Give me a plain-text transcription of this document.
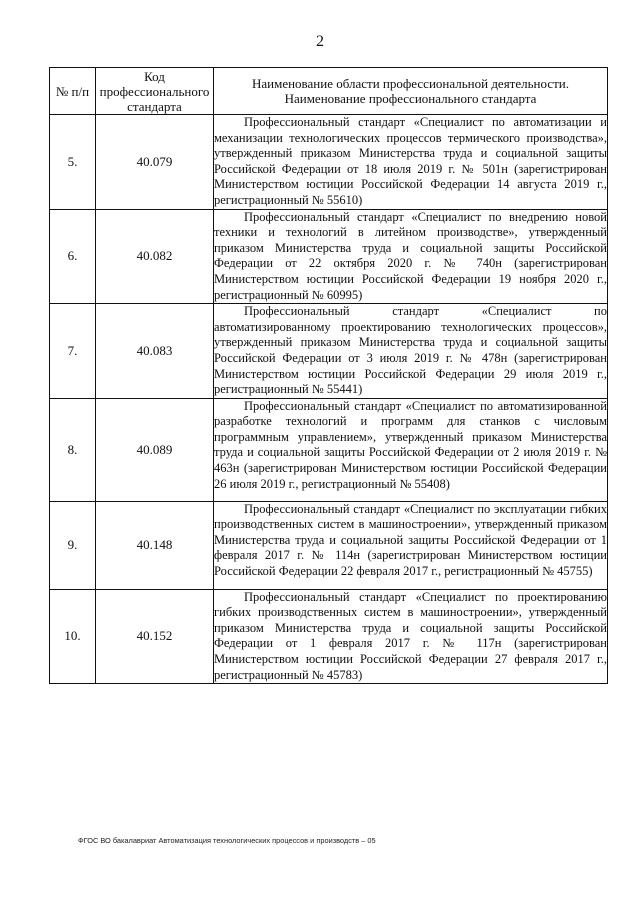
2
№ п/п	Код профессионального стандарта	Наименование области профессиональной деятельности. Наименование профессионального стандарта
5.	40.079	Профессиональный стандарт «Специалист по автоматизации и механизации технологических процессов термического производства», утвержденный приказом Министерства труда и социальной защиты Российской Федерации от 18 июля 2019 г. № 501н (зарегистрирован Министерством юстиции Российской Федерации 14 августа 2019 г., регистрационный № 55610)
6.	40.082	Профессиональный стандарт «Специалист по внедрению новой техники и технологий в литейном производстве», утвержденный приказом Министерства труда и социальной защиты Российской Федерации от 22 октября 2020 г. № 740н (зарегистрирован Министерством юстиции Российской Федерации 19 ноября 2020 г., регистрационный № 60995)
7.	40.083	Профессиональный стандарт «Специалист по автоматизированному проектированию технологических процессов», утвержденный приказом Министерства труда и социальной защиты Российской Федерации от 3 июля 2019 г. № 478н (зарегистрирован Министерством юстиции Российской Федерации 29 июля 2019 г., регистрационный № 55441)
8.	40.089	Профессиональный стандарт «Специалист по автоматизированной разработке технологий и программ для станков с числовым программным управлением», утвержденный приказом Министерства труда и социальной защиты Российской Федерации от 2 июля 2019 г. № 463н (зарегистрирован Министерством юстиции Российской Федерации 26 июля 2019 г., регистрационный № 55408)
9.	40.148	Профессиональный стандарт «Специалист по эксплуатации гибких производственных систем в машиностроении», утвержденный приказом Министерства труда и социальной защиты Российской Федерации от 1 февраля 2017 г. № 114н (зарегистрирован Министерством юстиции Российской Федерации 22 февраля 2017 г., регистрационный № 45755)
10.	40.152	Профессиональный стандарт «Специалист по проектированию гибких производственных систем в машиностроении», утвержденный приказом Министерства труда и социальной защиты Российской Федерации от 1 февраля 2017 г. № 117н (зарегистрирован Министерством юстиции Российской Федерации 27 февраля 2017 г., регистрационный № 45783)
ФГОС ВО бакалавриат Автоматизация технологических процессов и производств – 05
